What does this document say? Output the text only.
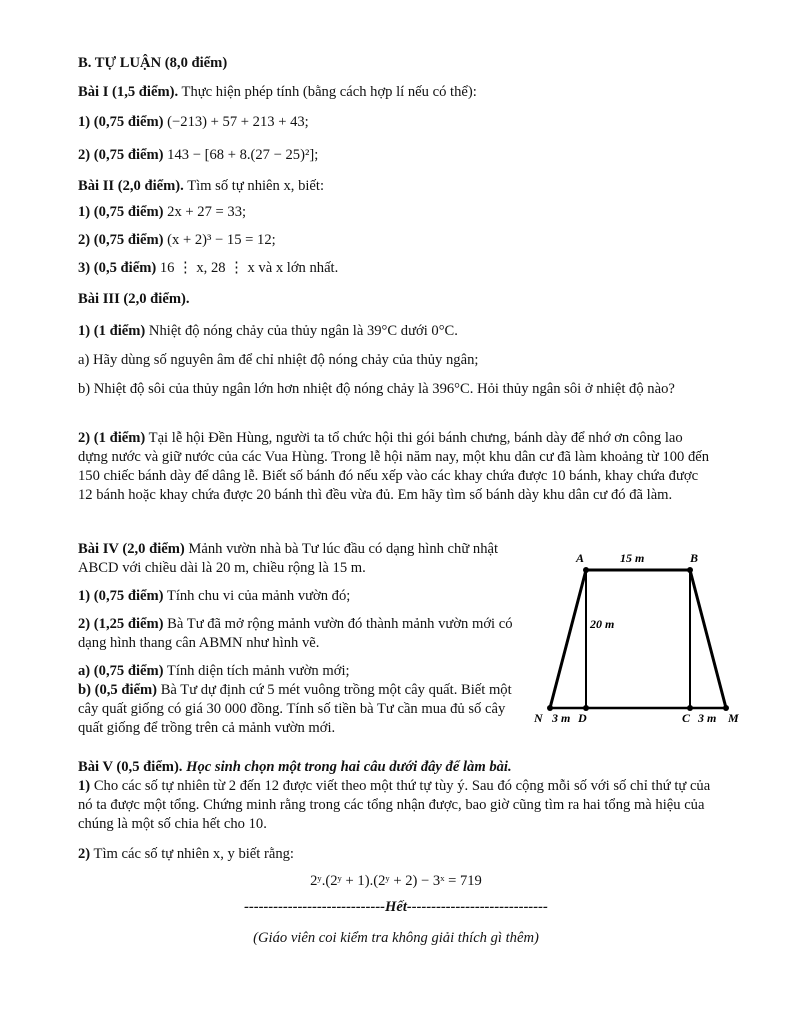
B. TỰ LUẬN (8,0 điểm)

Bài I (1,5 điểm). Thực hiện phép tính (bằng cách hợp lí nếu có thể):

1) (0,75 điểm) (−213) + 57 + 213 + 43;

2) (0,75 điểm) 143 − [68 + 8.(27 − 25)²];

Bài II (2,0 điểm). Tìm số tự nhiên x, biết:

1) (0,75 điểm) 2x + 27 = 33;

2) (0,75 điểm) (x + 2)³ − 15 = 12;

3) (0,5 điểm) 16 ⋮ x, 28 ⋮ x và x lớn nhất.

Bài III (2,0 điểm).

1) (1 điểm) Nhiệt độ nóng chảy của thủy ngân là 39°C dưới 0°C.

a) Hãy dùng số nguyên âm để chỉ nhiệt độ nóng chảy của thủy ngân;

b) Nhiệt độ sôi của thủy ngân lớn hơn nhiệt độ nóng chảy là 396°C. Hỏi thủy ngân sôi ở nhiệt độ nào?

2) (1 điểm) Tại lễ hội Đền Hùng, người ta tổ chức hội thi gói bánh chưng, bánh dày để nhớ ơn công lao dựng nước và giữ nước của các Vua Hùng. Trong lễ hội năm nay, một khu dân cư đã làm khoảng từ 100 đến 150 chiếc bánh dày để dâng lễ. Biết số bánh đó nếu xếp vào các khay chứa được 10 bánh, khay chứa được 12 bánh hoặc khay chứa được 20 bánh thì đều vừa đủ. Em hãy tìm số bánh dày khu dân cư đó đã làm.

Bài IV (2,0 điểm) Mảnh vườn nhà bà Tư lúc đầu có dạng hình chữ nhật ABCD với chiều dài là 20 m, chiều rộng là 15 m.

1) (0,75 điểm) Tính chu vi của mảnh vườn đó;

2) (1,25 điểm) Bà Tư đã mở rộng mảnh vườn đó thành mảnh vườn mới có dạng hình thang cân ABMN như hình vẽ.

a) (0,75 điểm) Tính diện tích mảnh vườn mới;

b) (0,5 điểm) Bà Tư dự định cứ 5 mét vuông trồng một cây quất. Biết một cây quất giống có giá 30 000 đồng. Tính số tiền bà Tư cần mua đủ số cây quất giống để trồng trên cả mảnh vườn mới.

A	B
15 m
20 m
N 3 m D	C 3 m M

Bài V (0,5 điểm). Học sinh chọn một trong hai câu dưới đây để làm bài.

1) Cho các số tự nhiên từ 2 đến 12 được viết theo một thứ tự tùy ý. Sau đó cộng mỗi số với số chỉ thứ tự của nó ta được một tổng. Chứng minh rằng trong các tổng nhận được, bao giờ cũng tìm ra hai tổng mà hiệu của chúng là một số chia hết cho 10.

2) Tìm các số tự nhiên x, y biết rằng:

2ʸ.(2ʸ + 1).(2ʸ + 2) − 3ˣ = 719

-----------------------------Hết-----------------------------

(Giáo viên coi kiểm tra không giải thích gì thêm)
